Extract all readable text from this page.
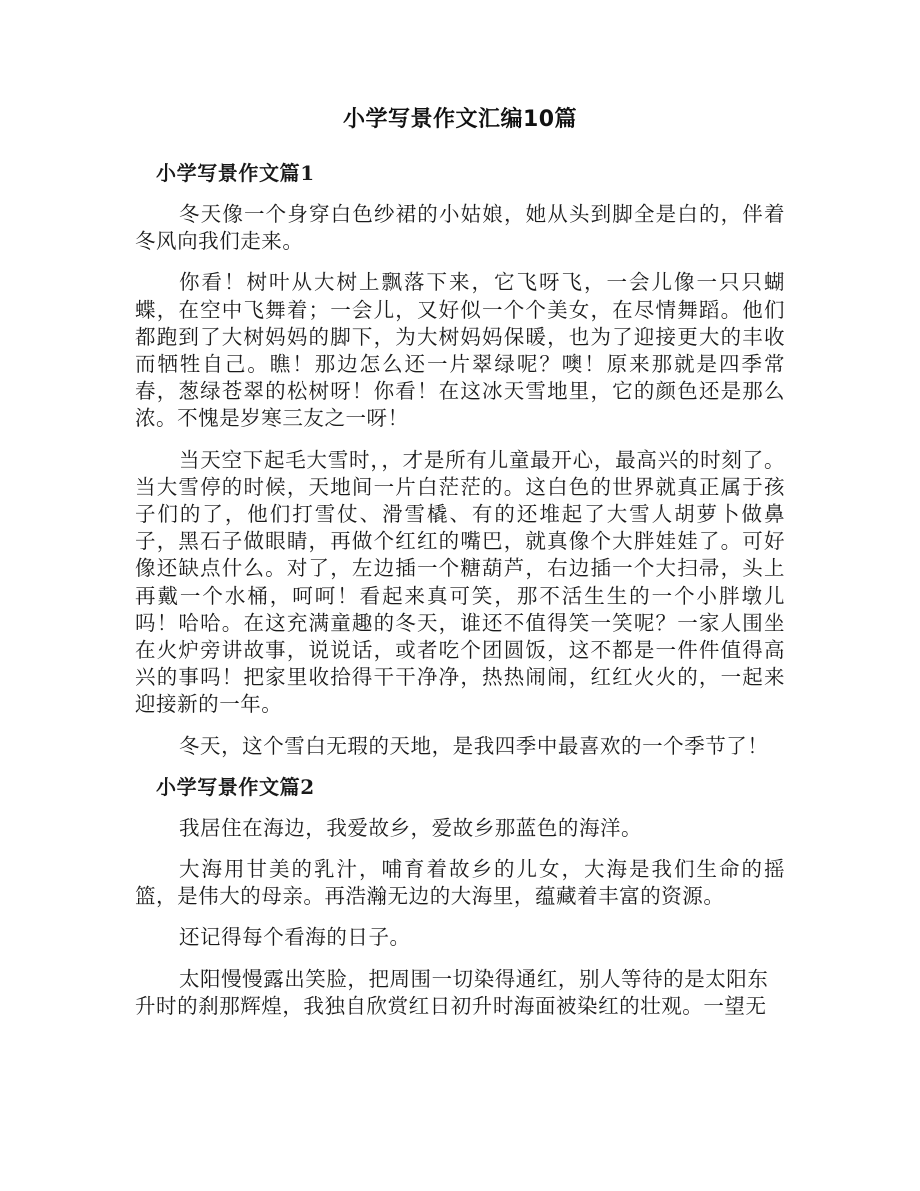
小学写景作文汇编10篇
小学写景作文篇1

冬天像一个身穿白色纱裙的小姑娘，她从头到脚全是白的，伴着冬风向我们走来。

你看！树叶从大树上飘落下来，它飞呀飞，一会儿像一只只蝴蝶，在空中飞舞着；一会儿，又好似一个个美女，在尽情舞蹈。他们都跑到了大树妈妈的脚下，为大树妈妈保暖，也为了迎接更大的丰收而牺牲自己。瞧！那边怎么还一片翠绿呢？噢！原来那就是四季常春，葱绿苍翠的松树呀！你看！在这冰天雪地里，它的颜色还是那么浓。不愧是岁寒三友之一呀！

当天空下起毛大雪时，，才是所有儿童最开心，最高兴的时刻了。当大雪停的时候，天地间一片白茫茫的。这白色的世界就真正属于孩子们的了，他们打雪仗、滑雪橇、有的还堆起了大雪人胡萝卜做鼻子，黑石子做眼睛，再做个红红的嘴巴，就真像个大胖娃娃了。可好像还缺点什么。对了，左边插一个糖葫芦，右边插一个大扫帚，头上再戴一个水桶，呵呵！看起来真可笑，那不活生生的一个小胖墩儿吗！哈哈。在这充满童趣的冬天，谁还不值得笑一笑呢？一家人围坐在火炉旁讲故事，说说话，或者吃个团圆饭，这不都是一件件值得高兴的事吗！把家里收拾得干干净净，热热闹闹，红红火火的，一起来迎接新的一年。

冬天，这个雪白无瑕的天地，是我四季中最喜欢的一个季节了！

小学写景作文篇2

我居住在海边，我爱故乡，爱故乡那蓝色的海洋。

大海用甘美的乳汁，哺育着故乡的儿女，大海是我们生命的摇篮，是伟大的母亲。再浩瀚无边的大海里，蕴藏着丰富的资源。

还记得每个看海的日子。

太阳慢慢露出笑脸，把周围一切染得通红，别人等待的是太阳东升时的刹那辉煌，我独自欣赏红日初升时海面被染红的壮观。一望无
